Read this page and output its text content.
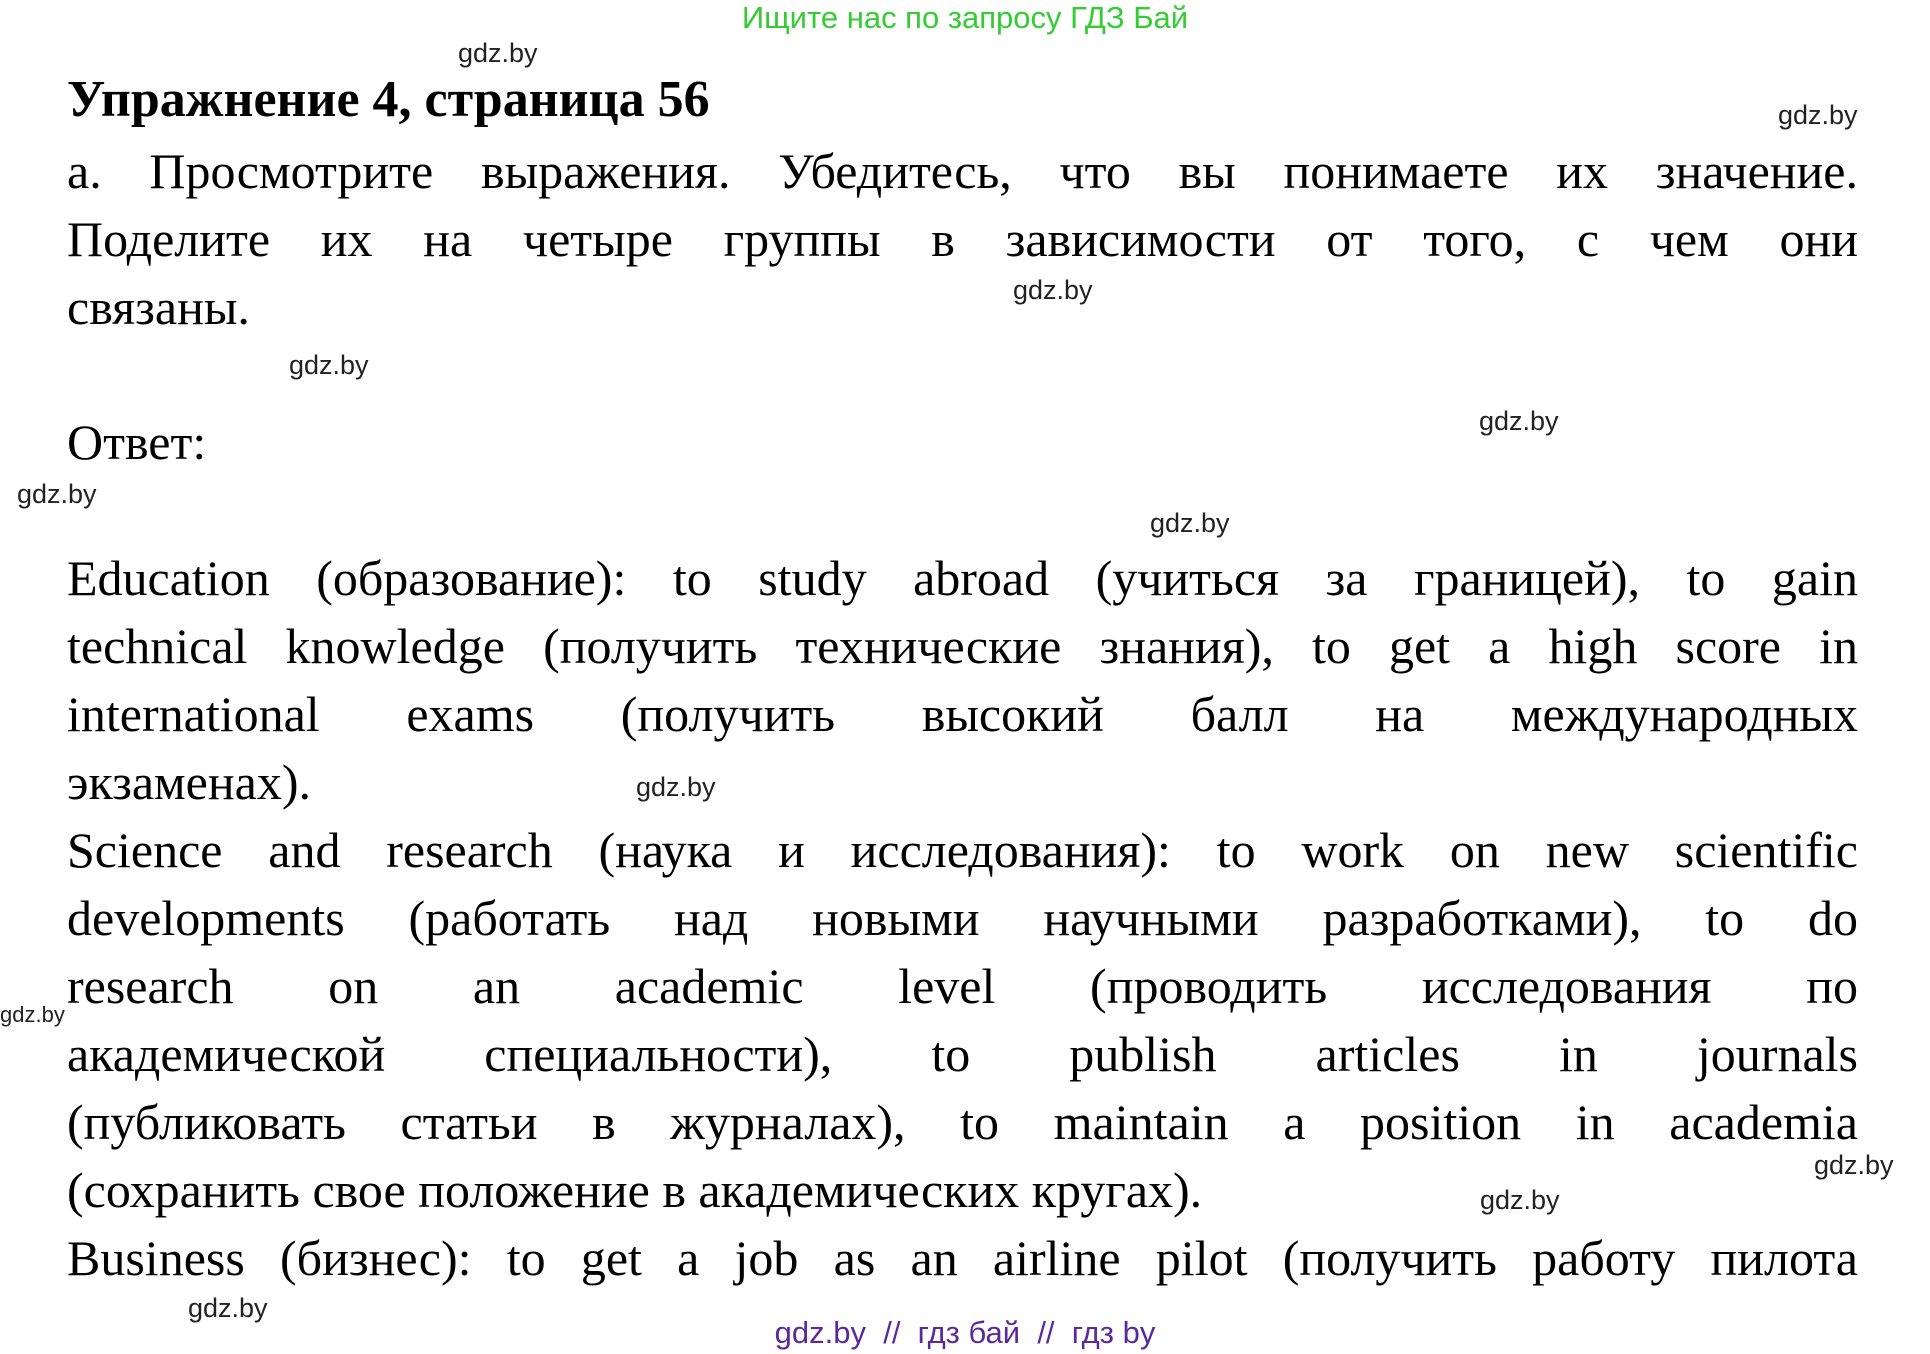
Ищите нас по запросу ГДЗ Бай
Упражнение 4, страница 56
а. Просмотрите выражения. Убедитесь, что вы понимаете их значение.
Поделите их на четыре группы в зависимости от того, с чем они
связаны.
Ответ:
Education (образование): to study abroad (учиться за границей), to gain
technical knowledge (получить технические знания), to get a high score in
international exams (получить высокий балл на международных
экзаменах).
Science and research (наука и исследования): to work on new scientific
developments (работать над новыми научными разработками), to do
research on an academic level (проводить исследования по
академической специальности), to publish articles in journals
(публиковать статьи в журналах), to maintain a position in academia
(сохранить свое положение в академических кругах).
Business (бизнес): to get a job as an airline pilot (получить работу пилота
gdz.by
gdz.by
gdz.by
gdz.by
gdz.by
gdz.by
gdz.by
gdz.by
gdz.by
gdz.by
gdz.by
gdz.by
gdz.by  //  гдз бай  //  гдз by
